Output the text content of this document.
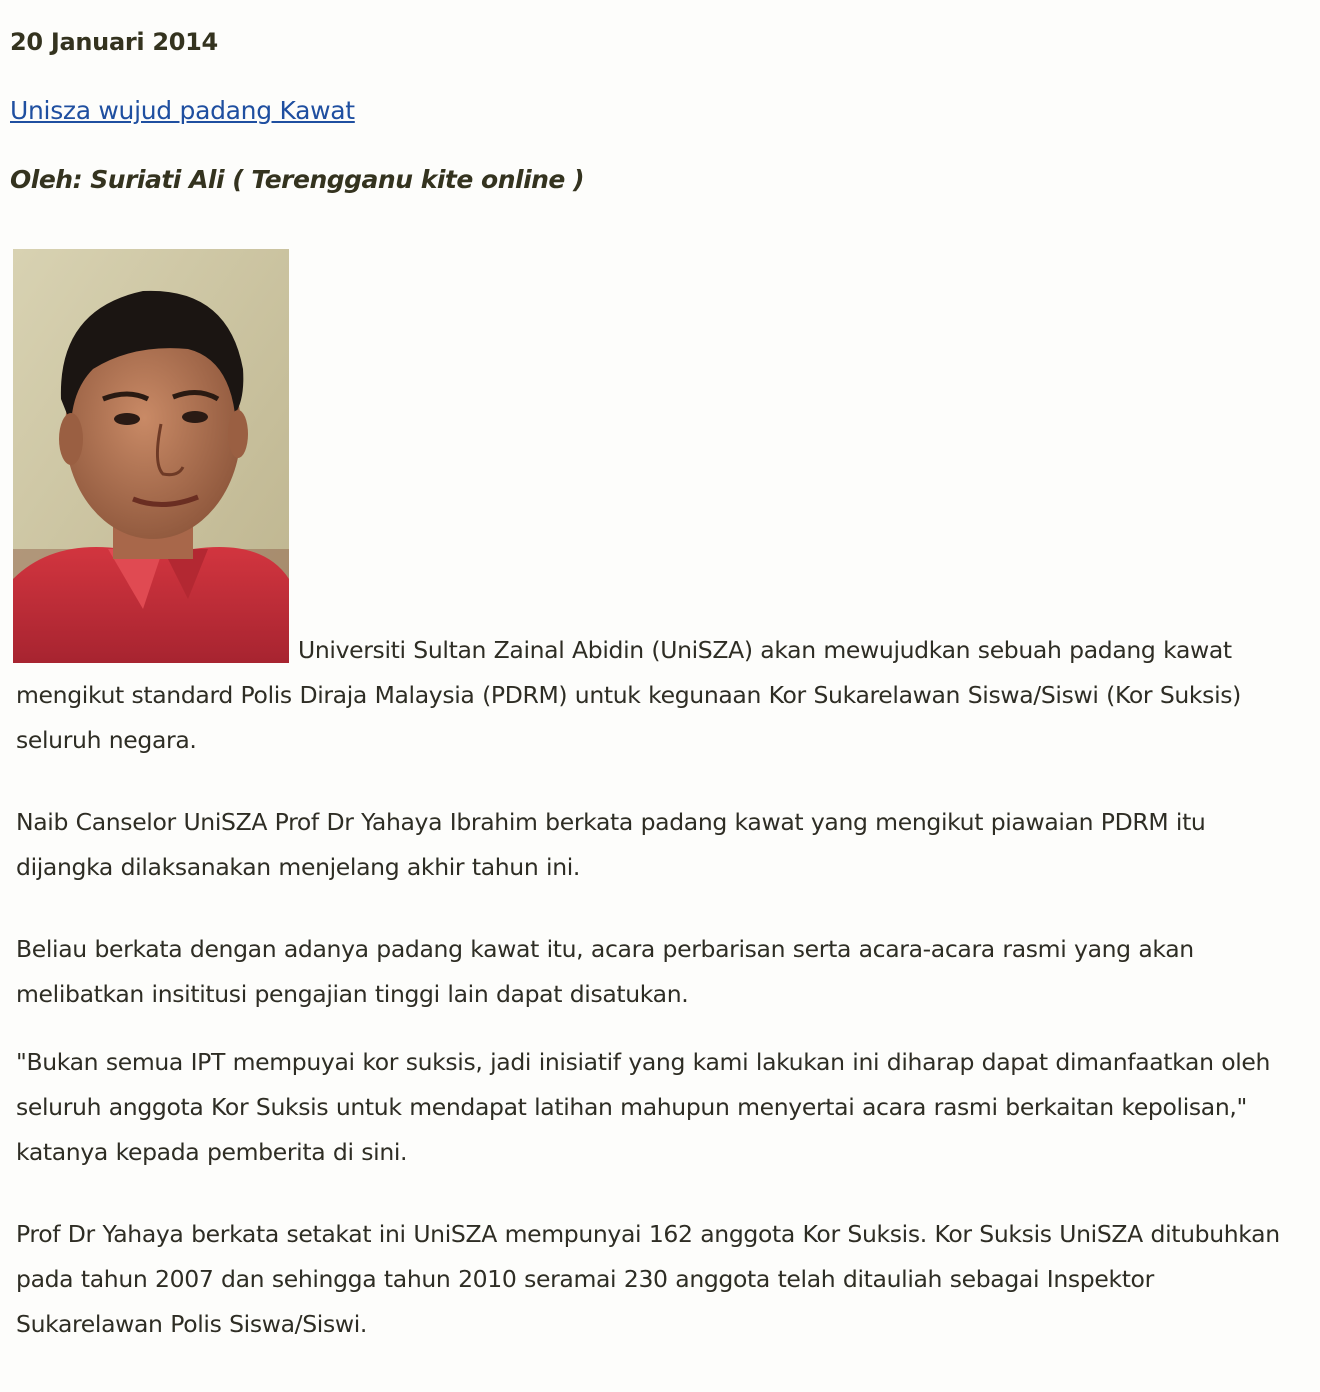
20 Januari 2014
Unisza wujud padang Kawat
Oleh: Suriati Ali ( Terengganu kite online )
Universiti Sultan Zainal Abidin (UniSZA) akan mewujudkan sebuah padang kawat mengikut standard Polis Diraja Malaysia (PDRM) untuk kegunaan Kor Sukarelawan Siswa/Siswi (Kor Suksis) seluruh negara.
Naib Canselor UniSZA Prof Dr Yahaya Ibrahim berkata padang kawat yang mengikut piawaian PDRM itu dijangka dilaksanakan menjelang akhir tahun ini.
Beliau berkata dengan adanya padang kawat itu, acara perbarisan serta acara-acara rasmi yang akan melibatkan insititusi pengajian tinggi lain dapat disatukan.
"Bukan semua IPT mempuyai kor suksis, jadi inisiatif yang kami lakukan ini diharap dapat dimanfaatkan oleh seluruh anggota Kor Suksis untuk mendapat latihan mahupun menyertai acara rasmi berkaitan kepolisan," katanya kepada pemberita di sini.
Prof Dr Yahaya berkata setakat ini UniSZA mempunyai 162 anggota Kor Suksis. Kor Suksis UniSZA ditubuhkan pada tahun 2007 dan sehingga tahun 2010 seramai 230 anggota telah ditauliah sebagai Inspektor Sukarelawan Polis Siswa/Siswi.
